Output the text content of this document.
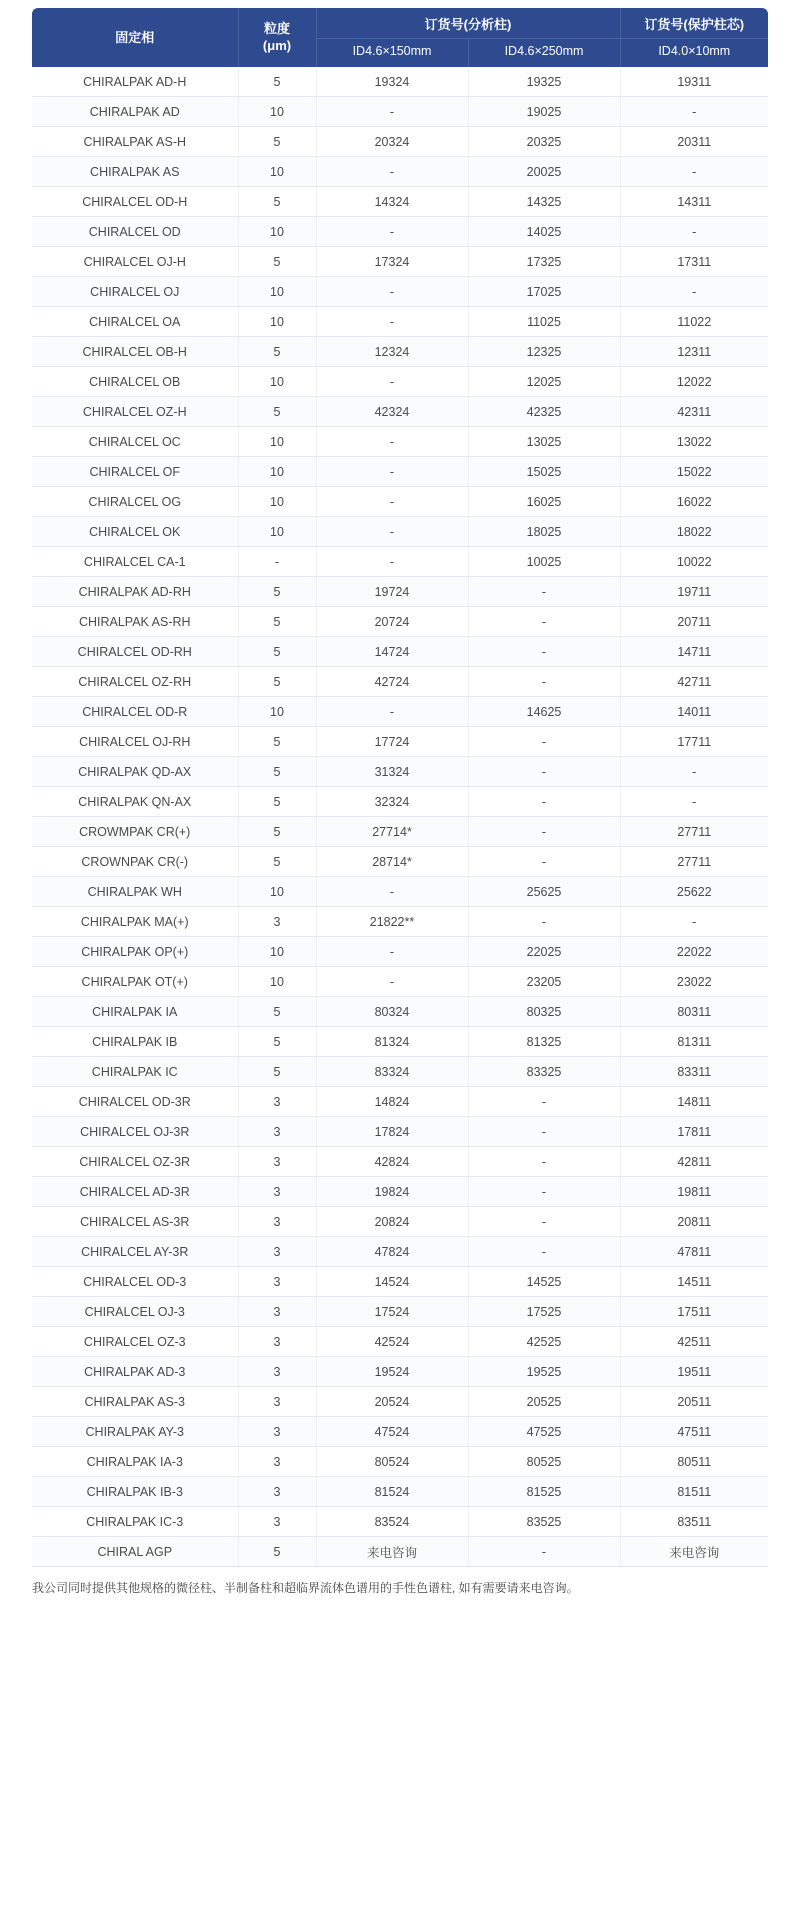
固定相	粒度
(μm)	订货号(分析柱)		订货号(保护柱芯)
		ID4.6×150mm	ID4.6×250mm	ID4.0×10mm
CHIRALPAK AD-H	5	19324	19325	19311
CHIRALPAK AD	10	-	19025	-
CHIRALPAK AS-H	5	20324	20325	20311
CHIRALPAK AS	10	-	20025	-
CHIRALCEL OD-H	5	14324	14325	14311
CHIRALCEL OD	10	-	14025	-
CHIRALCEL OJ-H	5	17324	17325	17311
CHIRALCEL OJ	10	-	17025	-
CHIRALCEL OA	10	-	11025	11022
CHIRALCEL OB-H	5	12324	12325	12311
CHIRALCEL OB	10	-	12025	12022
CHIRALCEL OZ-H	5	42324	42325	42311
CHIRALCEL OC	10	-	13025	13022
CHIRALCEL OF	10	-	15025	15022
CHIRALCEL OG	10	-	16025	16022
CHIRALCEL OK	10	-	18025	18022
CHIRALCEL CA-1	-	-	10025	10022
CHIRALPAK AD-RH	5	19724	-	19711
CHIRALPAK AS-RH	5	20724	-	20711
CHIRALCEL OD-RH	5	14724	-	14711
CHIRALCEL OZ-RH	5	42724	-	42711
CHIRALCEL OD-R	10	-	14625	14011
CHIRALCEL OJ-RH	5	17724	-	17711
CHIRALPAK QD-AX	5	31324	-	-
CHIRALPAK QN-AX	5	32324	-	-
CROWMPAK CR(+)	5	27714*	-	27711
CROWNPAK CR(-)	5	28714*	-	27711
CHIRALPAK WH	10	-	25625	25622
CHIRALPAK MA(+)	3	21822**	-	-
CHIRALPAK OP(+)	10	-	22025	22022
CHIRALPAK OT(+)	10	-	23205	23022
CHIRALPAK IA	5	80324	80325	80311
CHIRALPAK IB	5	81324	81325	81311
CHIRALPAK IC	5	83324	83325	83311
CHIRALCEL OD-3R	3	14824	-	14811
CHIRALCEL OJ-3R	3	17824	-	17811
CHIRALCEL OZ-3R	3	42824	-	42811
CHIRALCEL AD-3R	3	19824	-	19811
CHIRALCEL AS-3R	3	20824	-	20811
CHIRALCEL AY-3R	3	47824	-	47811
CHIRALCEL OD-3	3	14524	14525	14511
CHIRALCEL OJ-3	3	17524	17525	17511
CHIRALCEL OZ-3	3	42524	42525	42511
CHIRALPAK AD-3	3	19524	19525	19511
CHIRALPAK AS-3	3	20524	20525	20511
CHIRALPAK AY-3	3	47524	47525	47511
CHIRALPAK IA-3	3	80524	80525	80511
CHIRALPAK IB-3	3	81524	81525	81511
CHIRALPAK IC-3	3	83524	83525	83511
CHIRAL AGP	5	来电咨询	-	来电咨询
我公司同时提供其他规格的微径柱、半制备柱和超临界流体色谱用的手性色谱柱, 如有需要请来电咨询。
